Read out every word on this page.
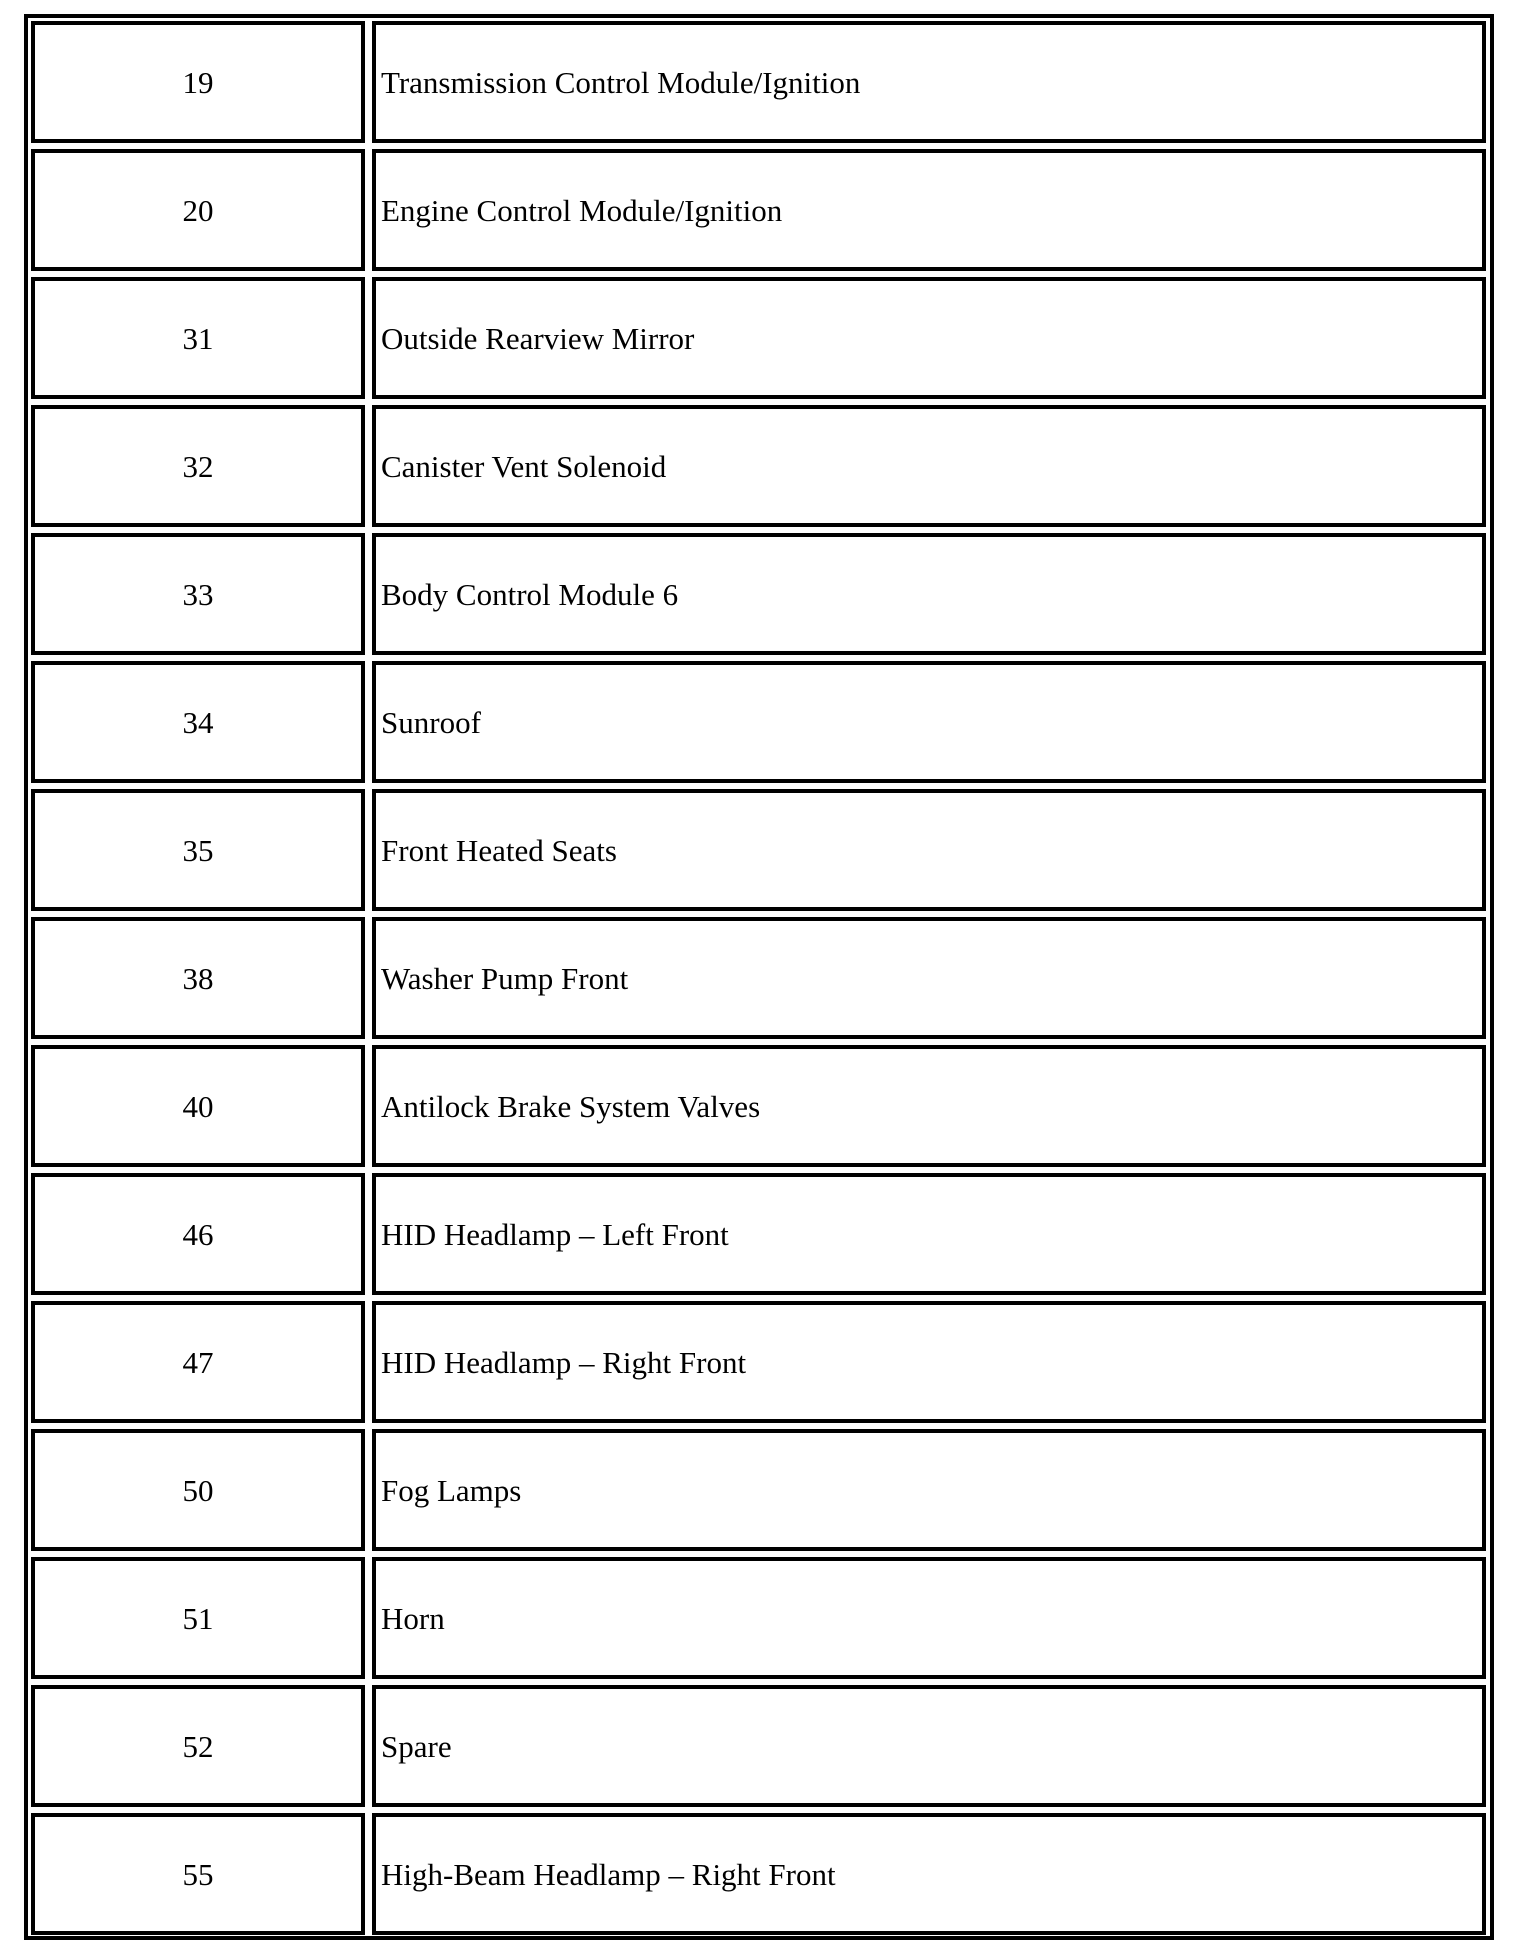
19	Transmission Control Module/Ignition
20	Engine Control Module/Ignition
31	Outside Rearview Mirror
32	Canister Vent Solenoid
33	Body Control Module 6
34	Sunroof
35	Front Heated Seats
38	Washer Pump Front
40	Antilock Brake System Valves
46	HID Headlamp – Left Front
47	HID Headlamp – Right Front
50	Fog Lamps
51	Horn
52	Spare
55	High-Beam Headlamp – Right Front
